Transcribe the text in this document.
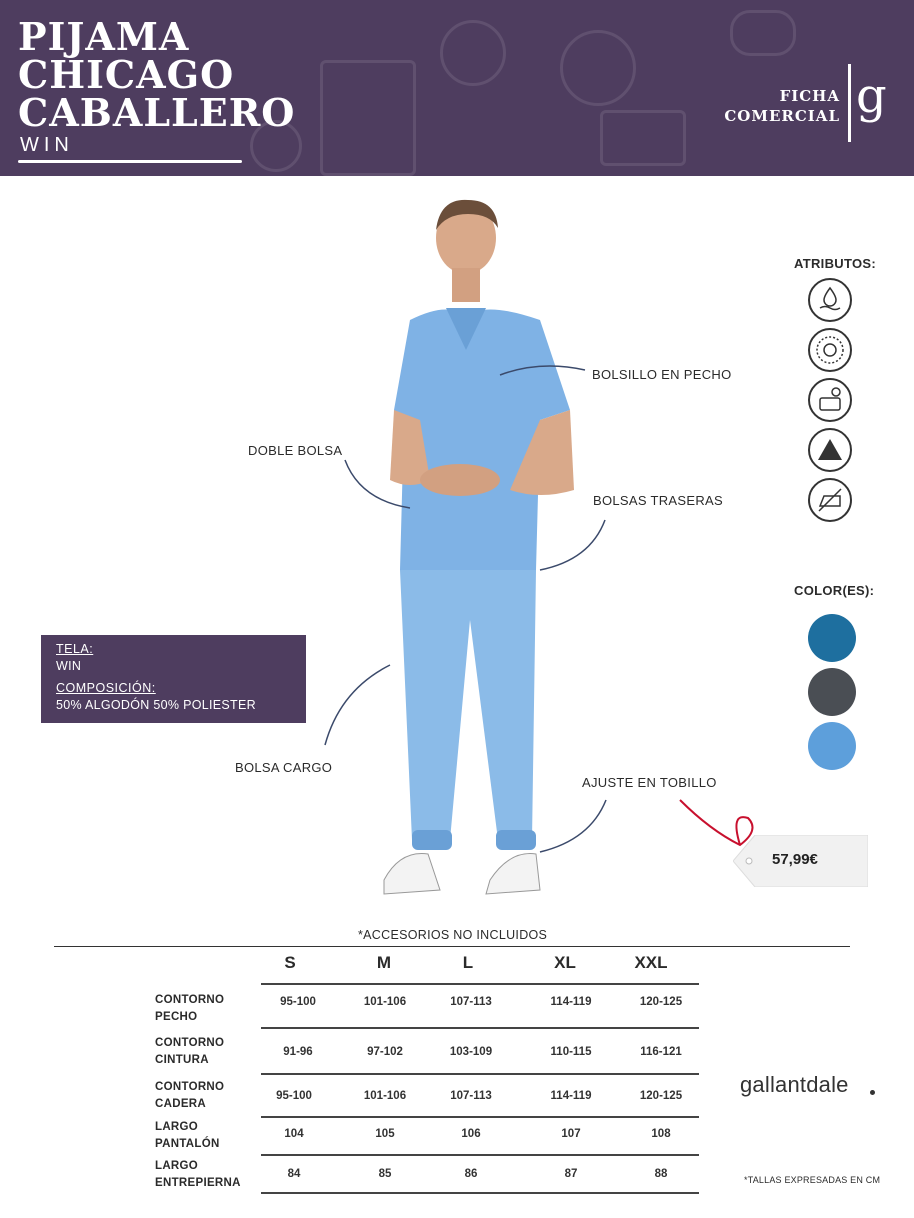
PIJAMA
CHICAGO
CABALLERO
WIN
FICHA
COMERCIAL g
BOLSILLO EN PECHO
DOBLE BOLSA
BOLSAS TRASERAS
BOLSA CARGO
AJUSTE EN TOBILLO
ATRIBUTOS:
COLOR(ES):
TELA:
WIN
COMPOSICIÓN:
50% ALGODÓN 50% POLIESTER
57,99€
*ACCESORIOS NO INCLUIDOS
S	M	L	XL	XXL
CONTORNO
PECHO
95-100	101-106	107-113	114-119	120-125
CONTORNO
CINTURA
91-96	97-102	103-109	110-115	116-121
CONTORNO
CADERA
95-100	101-106	107-113	114-119	120-125
LARGO
PANTALÓN
104	105	106	107	108
LARGO
ENTREPIERNA
84	85	86	87	88
gallantdale
*TALLAS EXPRESADAS EN CM
